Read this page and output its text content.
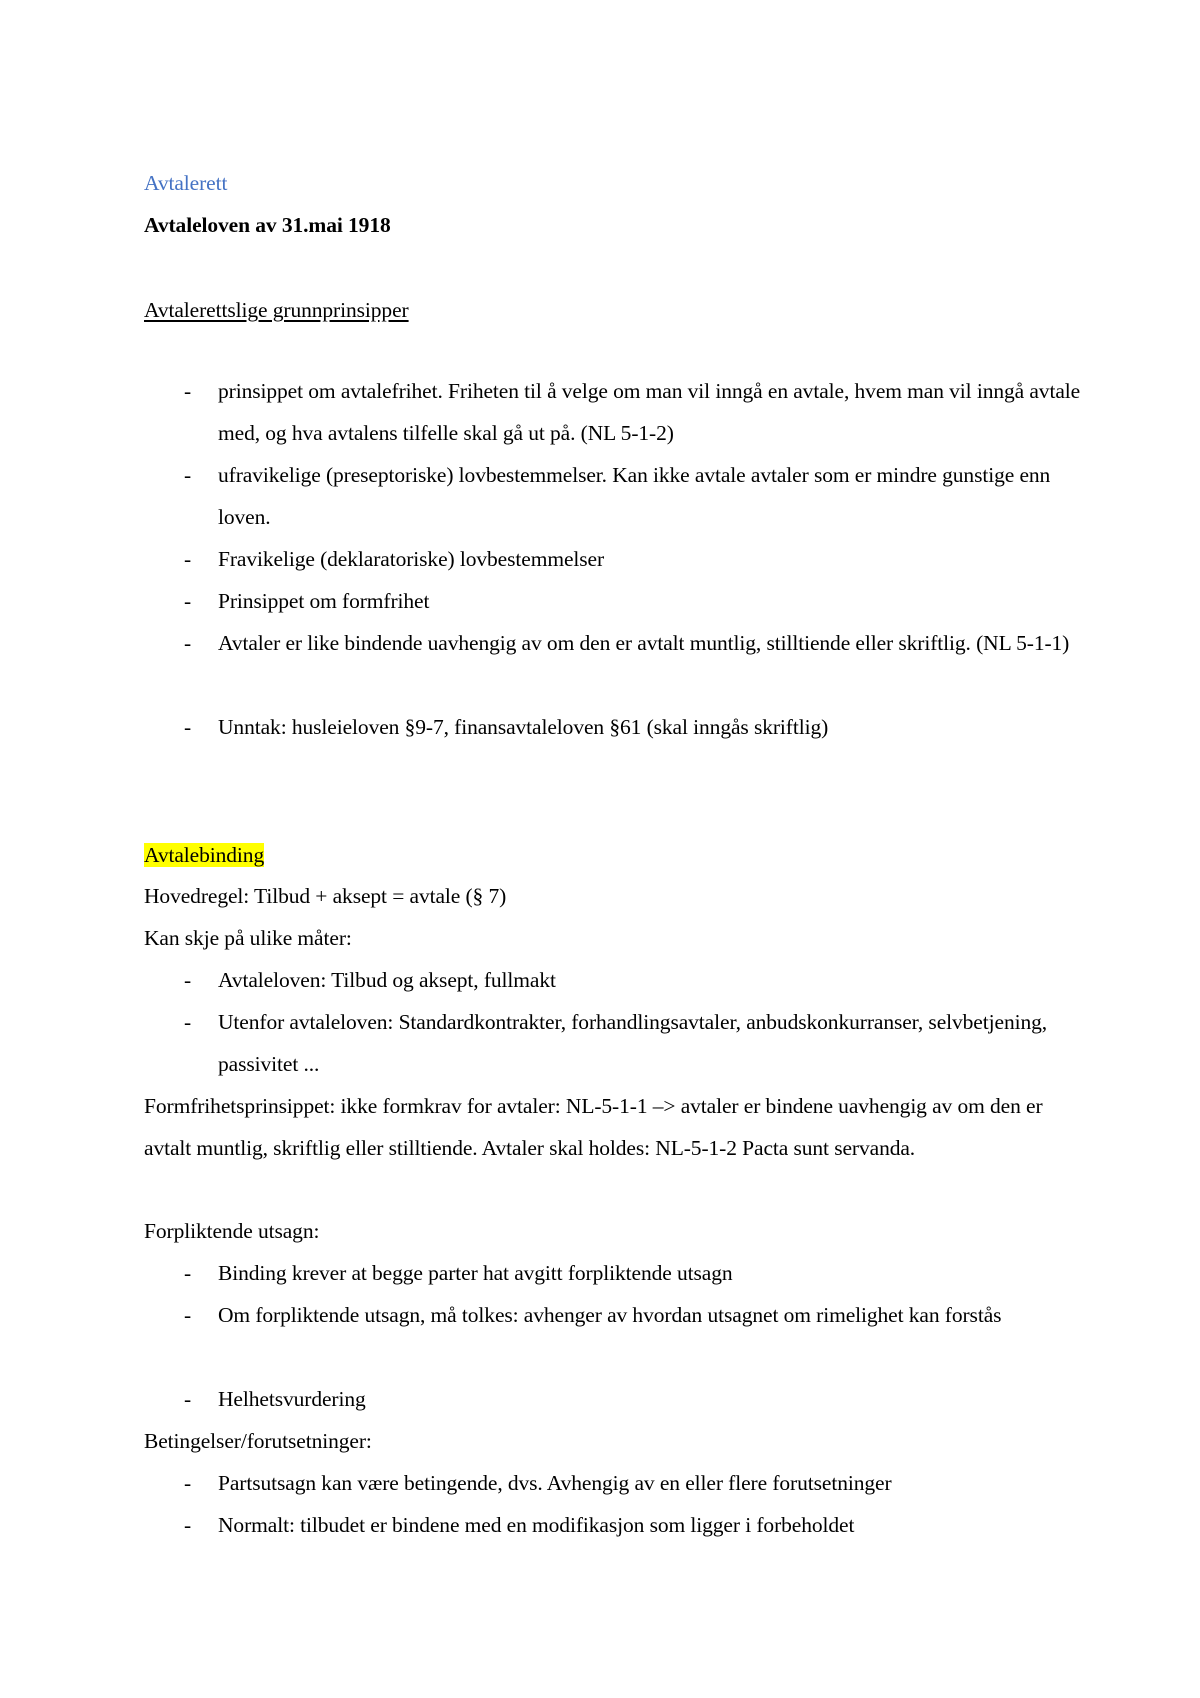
Avtalerett
Avtaleloven av 31.mai 1918
Avtalerettslige grunnprinsipper
- prinsippet om avtalefrihet. Friheten til å velge om man vil inngå en avtale, hvem man vil inngå avtale med, og hva avtalens tilfelle skal gå ut på. (NL 5-1-2)
- ufravikelige (preseptoriske) lovbestemmelser. Kan ikke avtale avtaler som er mindre gunstige enn loven.
- Fravikelige (deklaratoriske) lovbestemmelser
- Prinsippet om formfrihet
- Avtaler er like bindende uavhengig av om den er avtalt muntlig, stilltiende eller skriftlig. (NL 5-1-1)
- Unntak: husleieloven §9-7, finansavtaleloven §61 (skal inngås skriftlig)
Avtalebinding
Hovedregel: Tilbud + aksept = avtale (§ 7)
Kan skje på ulike måter:
- Avtaleloven: Tilbud og aksept, fullmakt
- Utenfor avtaleloven: Standardkontrakter, forhandlingsavtaler, anbudskonkurranser, selvbetjening, passivitet ...
Formfrihetsprinsippet: ikke formkrav for avtaler: NL-5-1-1 –> avtaler er bindene uavhengig av om den er avtalt muntlig, skriftlig eller stilltiende. Avtaler skal holdes: NL-5-1-2 Pacta sunt servanda.
Forpliktende utsagn:
- Binding krever at begge parter hat avgitt forpliktende utsagn
- Om forpliktende utsagn, må tolkes: avhenger av hvordan utsagnet om rimelighet kan forstås
- Helhetsvurdering
Betingelser/forutsetninger:
- Partsutsagn kan være betingende, dvs. Avhengig av en eller flere forutsetninger
- Normalt: tilbudet er bindene med en modifikasjon som ligger i forbeholdet
